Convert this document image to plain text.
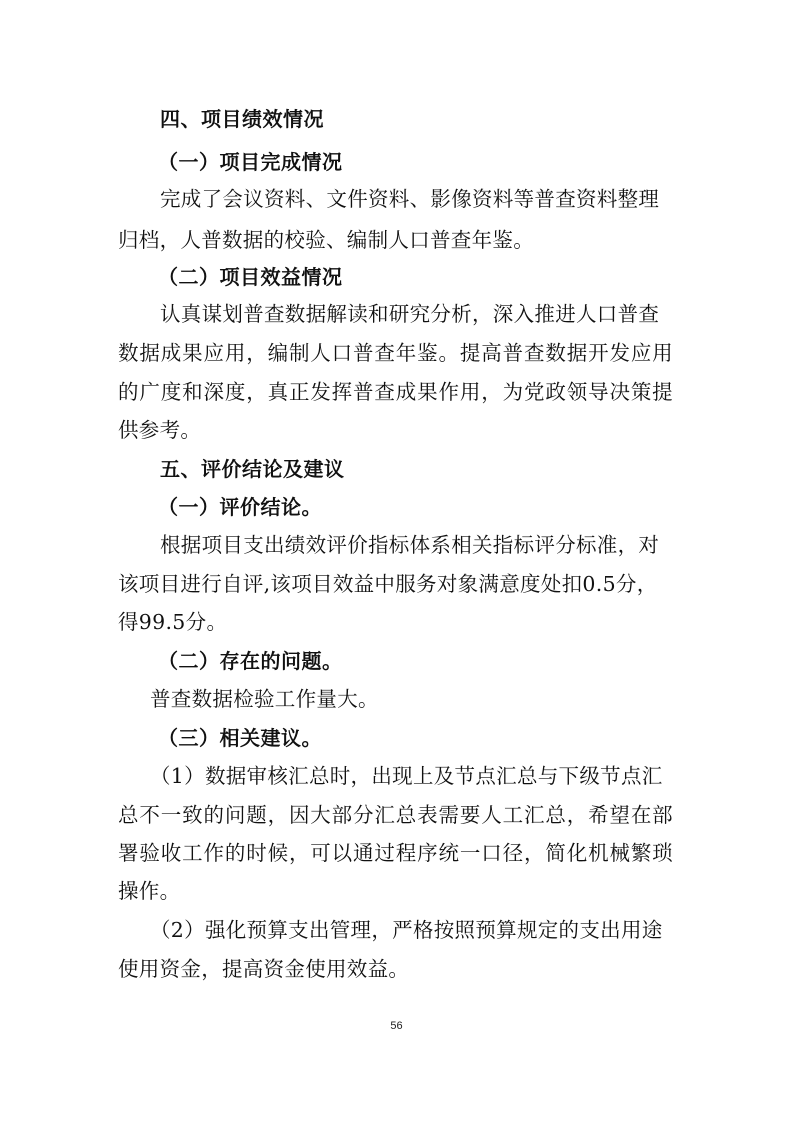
四、项目绩效情况
（一）项目完成情况
完成了会议资料、文件资料、影像资料等普查资料整理
归档，人普数据的校验、编制人口普查年鉴。
（二）项目效益情况
认真谋划普查数据解读和研究分析，深入推进人口普查
数据成果应用，编制人口普查年鉴。提高普查数据开发应用
的广度和深度，真正发挥普查成果作用，为党政领导决策提
供参考。
五、评价结论及建议
（一）评价结论。
根据项目支出绩效评价指标体系相关指标评分标准，对
该项目进行自评,该项目效益中服务对象满意度处扣0.5分，
得99.5分。
（二）存在的问题。
普查数据检验工作量大。
（三）相关建议。
（1）数据审核汇总时，出现上及节点汇总与下级节点汇
总不一致的问题，因大部分汇总表需要人工汇总，希望在部
署验收工作的时候，可以通过程序统一口径，简化机械繁琐
操作。
（2）强化预算支出管理，严格按照预算规定的支出用途
使用资金，提高资金使用效益。
56
